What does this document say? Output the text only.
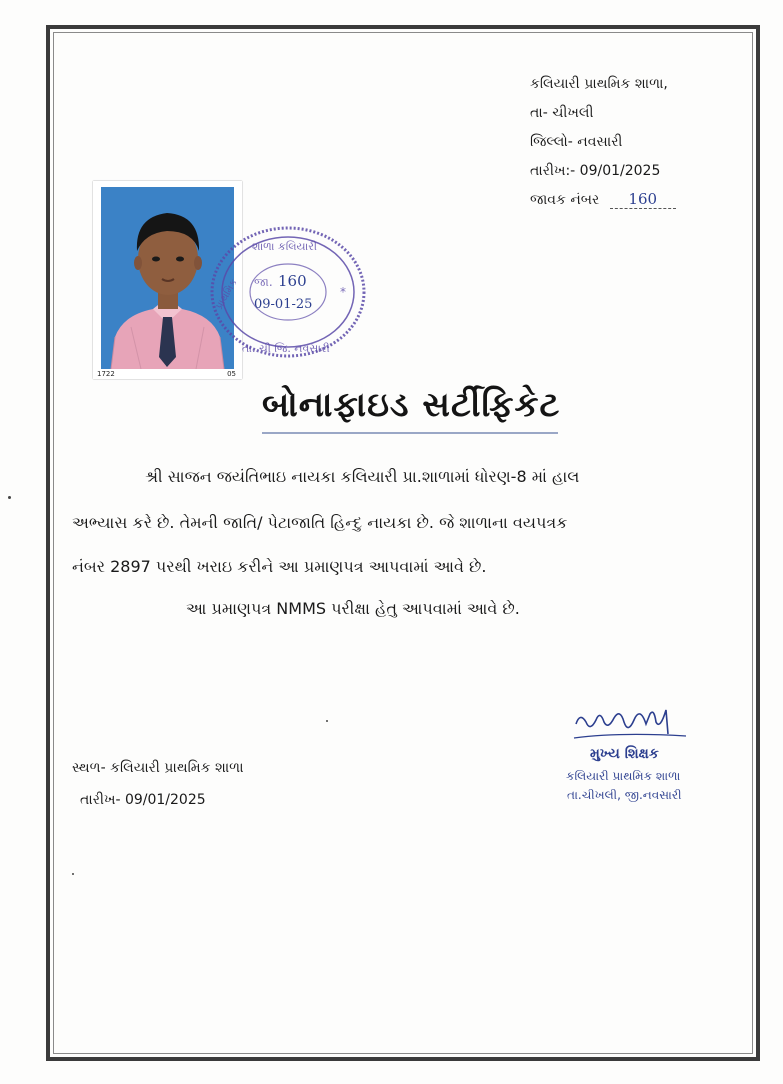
કલિયારી પ્રાથમિક શાળા,
તા- ચીખલી
જિલ્લો- નવસારી
તારીખ:- 09/01/2025
જાવક નંબર 160
1722	05
શાળા કલિયારી
તા. ચી જિ. નવસારી
પ્રાથમિક	*
જા. 160
09-01-25
બોનાફાઇડ સર્ટીફિકેટ
શ્રી સાજન જયંતિભાઇ નાયકા કલિયારી પ્રા.શાળામાં ધોરણ-8 માં હાલ
અભ્યાસ કરે છે. તેમની જાતિ/ પેટાજાતિ હિન્દુ નાયકા છે. જે શાળાના વયપત્રક
નંબર 2897 પરથી ખરાઇ કરીને આ પ્રમાણપત્ર આપવામાં આવે છે.
આ પ્રમાણપત્ર NMMS પરીક્ષા હેતુ આપવામાં આવે છે.
સ્થળ- કલિયારી પ્રાથમિક શાળા
તારીખ- 09/01/2025
મુખ્ય શિક્ષક
કલિયારી પ્રાથમિક શાળા
તા.ચીખલી, જી.નવસારી
